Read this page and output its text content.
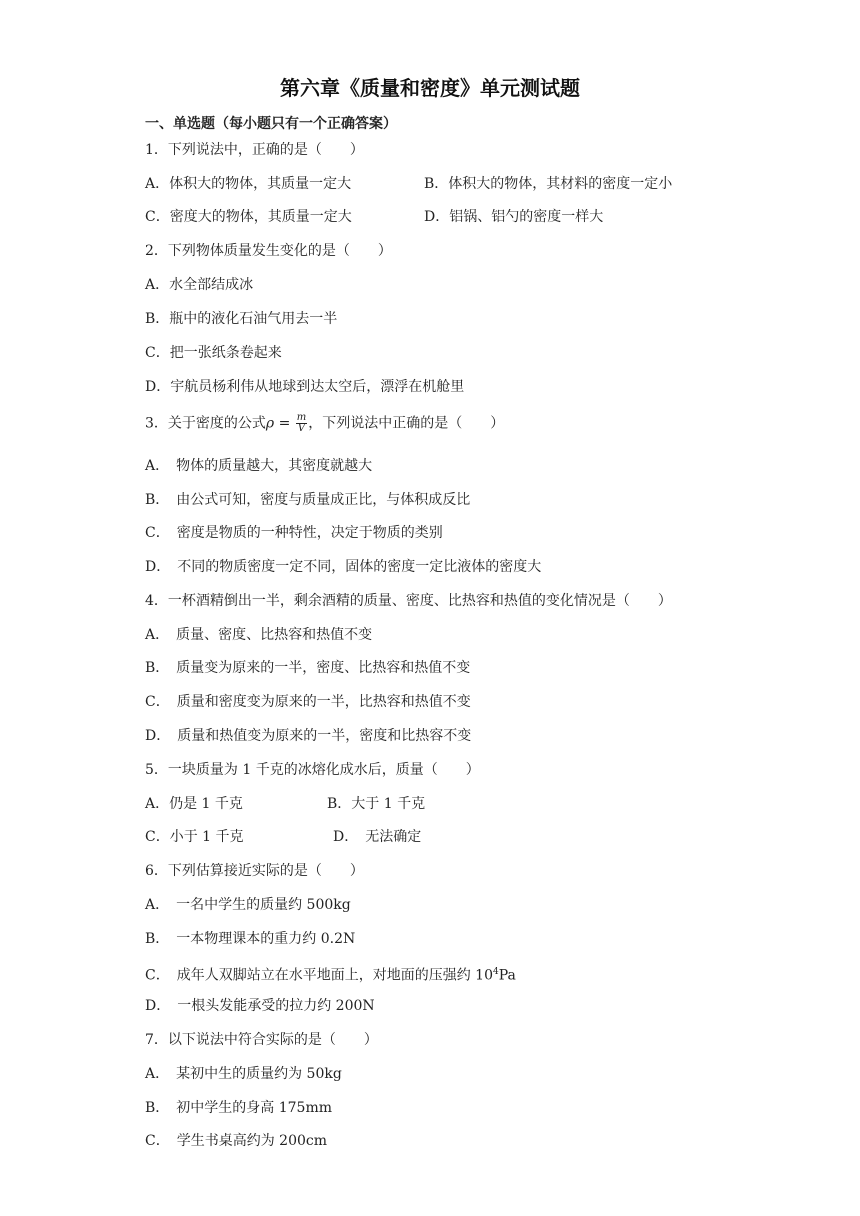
第六章《质量和密度》单元测试题
一、单选题（每小题只有一个正确答案）
1．下列说法中，正确的是（　　）
A．体积大的物体，其质量一定大	B．体积大的物体，其材料的密度一定小
C．密度大的物体，其质量一定大	D．铝锅、铝勺的密度一样大
2．下列物体质量发生变化的是（　　）
A．水全部结成冰
B．瓶中的液化石油气用去一半
C．把一张纸条卷起来
D．宇航员杨利伟从地球到达太空后，漂浮在机舱里
3．关于密度的公式$\rho = \frac{m}{V}$ ，下列说法中正确的是（　　）
A．　物体的质量越大，其密度就越大
B．　由公式可知，密度与质量成正比，与体积成反比
C．　密度是物质的一种特性，决定于物质的类别
D．　不同的物质密度一定不同，固体的密度一定比液体的密度大
4．一杯酒精倒出一半，剩余酒精的质量、密度、比热容和热值的变化情况是（　　）
A．　质量、密度、比热容和热值不变
B．　质量变为原来的一半，密度、比热容和热值不变
C．　质量和密度变为原来的一半，比热容和热值不变
D．　质量和热值变为原来的一半，密度和比热容不变
5．一块质量为 1 千克的冰熔化成水后，质量（　　）
A．仍是 1 千克	B．大于 1 千克
C．小于 1 千克	D．　无法确定
6．下列估算接近实际的是（　　）
A．　一名中学生的质量约 500kg
B．　一本物理课本的重力约 0.2N
C．　成年人双脚站立在水平地面上，对地面的压强约 $10^4Pa$
D．　一根头发能承受的拉力约 200N
7．以下说法中符合实际的是（　　）
A．　某初中生的质量约为 50kg
B．　初中学生的身高 175mm
C．　学生书桌高约为 200cm
